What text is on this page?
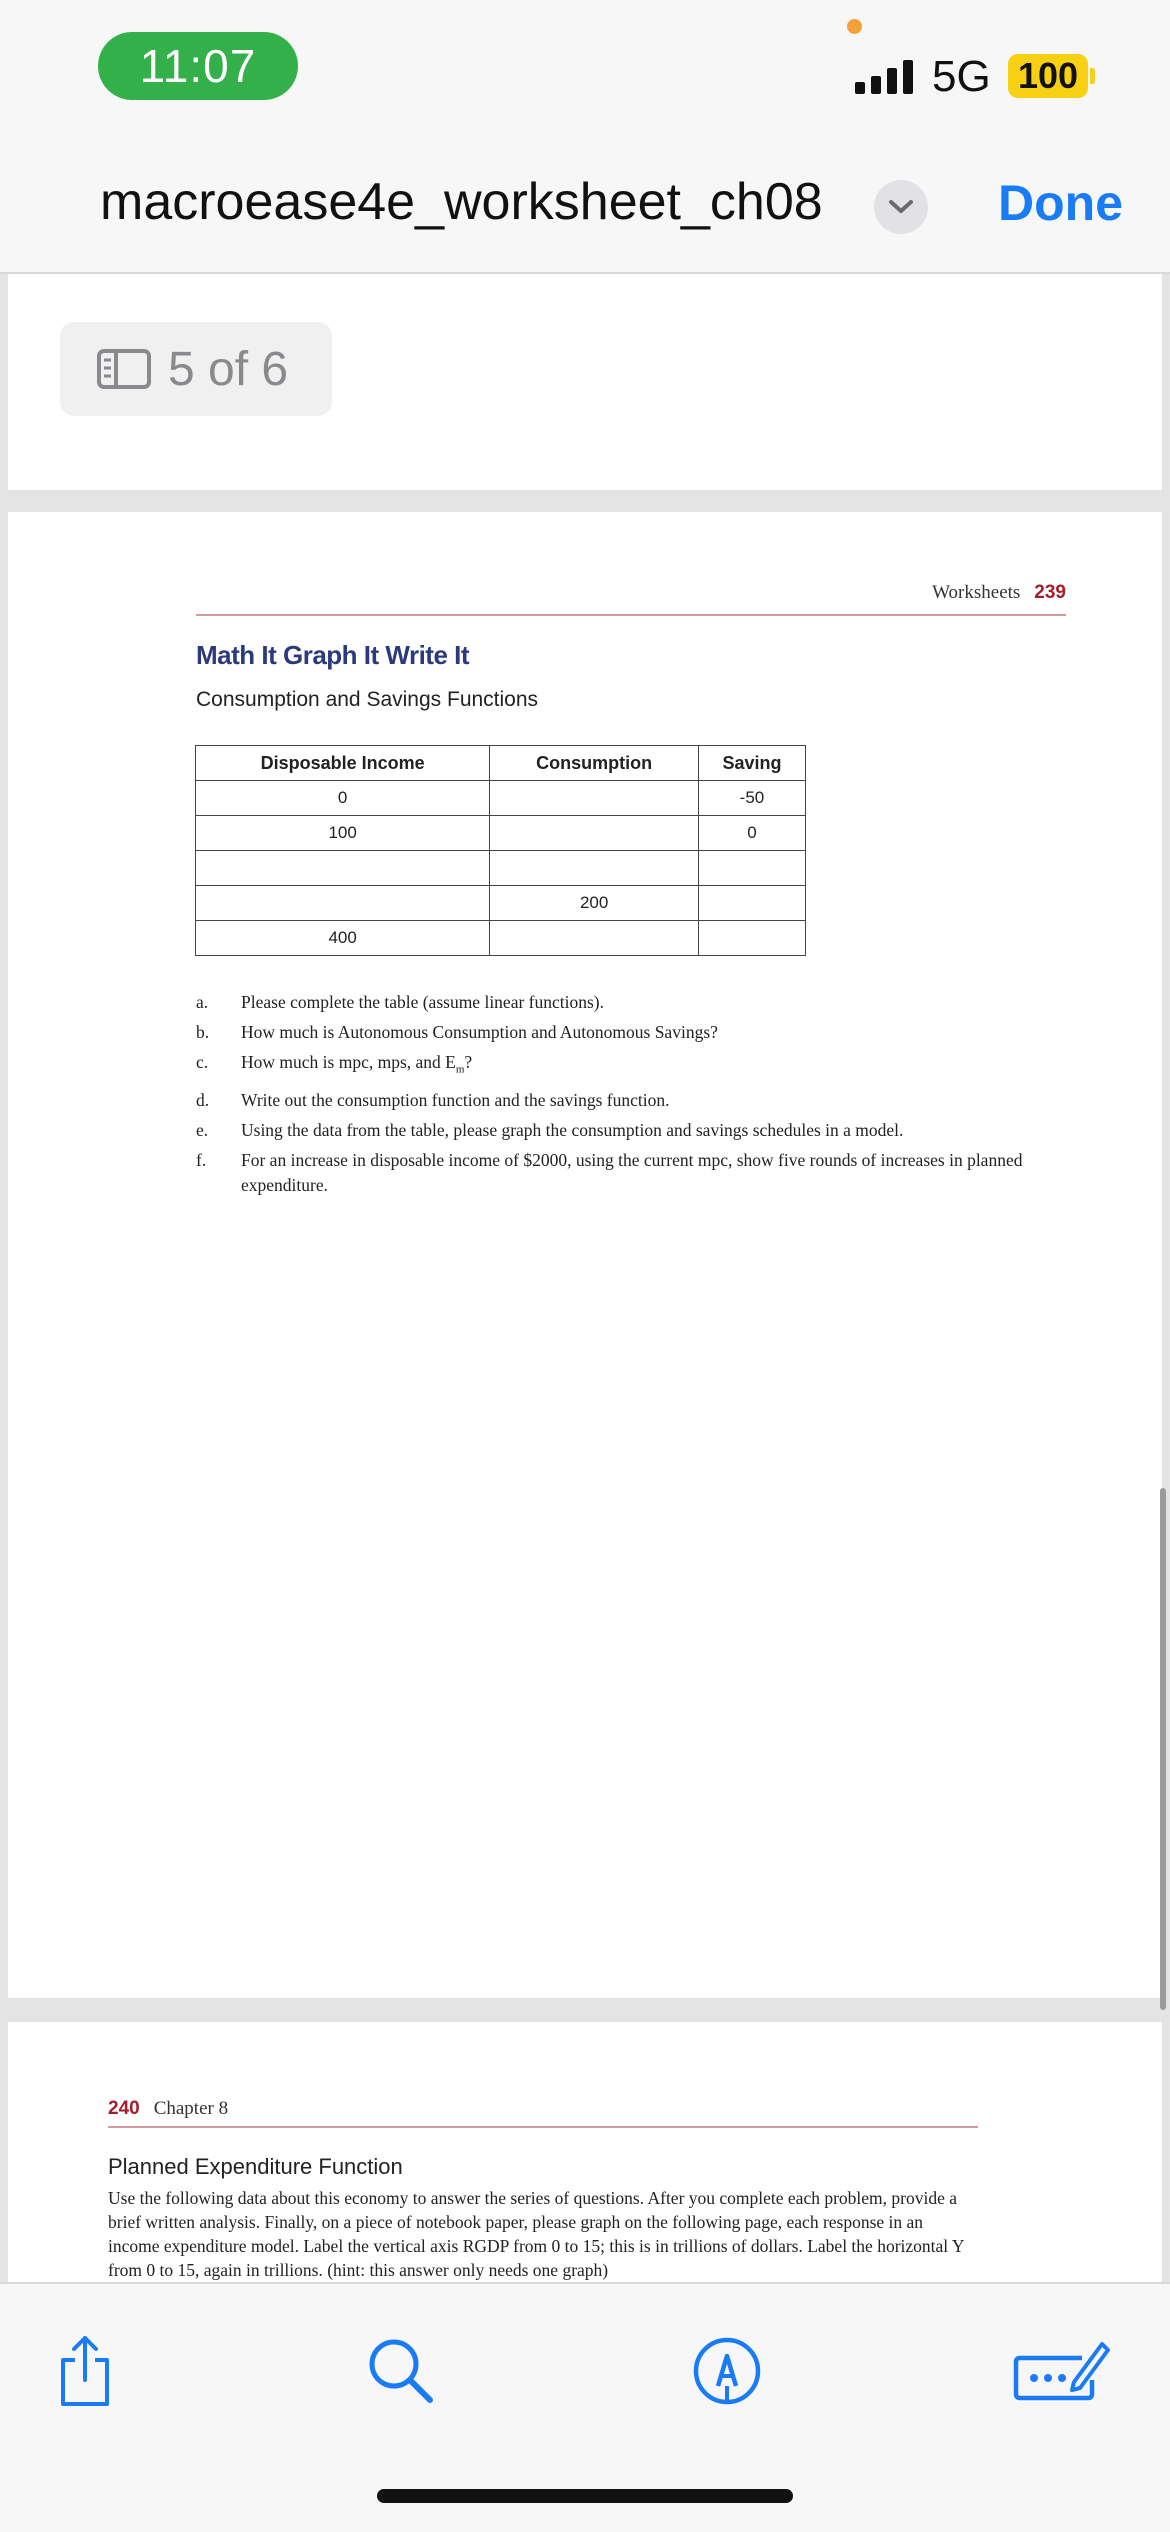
11:07	5G 100
macroease4e_worksheet_ch08	Done
5 of 6
Worksheets 239
Math It Graph It Write It
Consumption and Savings Functions
Disposable Income	Consumption	Saving
0		-50
100		0

	200	
400		
a.	Please complete the table (assume linear functions).
b.	How much is Autonomous Consumption and Autonomous Savings?
c.	How much is mpc, mps, and $E_m$?
d.	Write out the consumption function and the savings function.
e.	Using the data from the table, please graph the consumption and savings schedules in a model.
f.	For an increase in disposable income of $2000, using the current mpc, show five rounds of increases in planned expenditure.
240 Chapter 8
Planned Expenditure Function
Use the following data about this economy to answer the series of questions. After you complete each problem, provide a brief written analysis. Finally, on a piece of notebook paper, please graph on the following page, each response in an income expenditure model. Label the vertical axis RGDP from 0 to 15; this is in trillions of dollars. Label the horizontal Y from 0 to 15, again in trillions. (hint: this answer only needs one graph)
